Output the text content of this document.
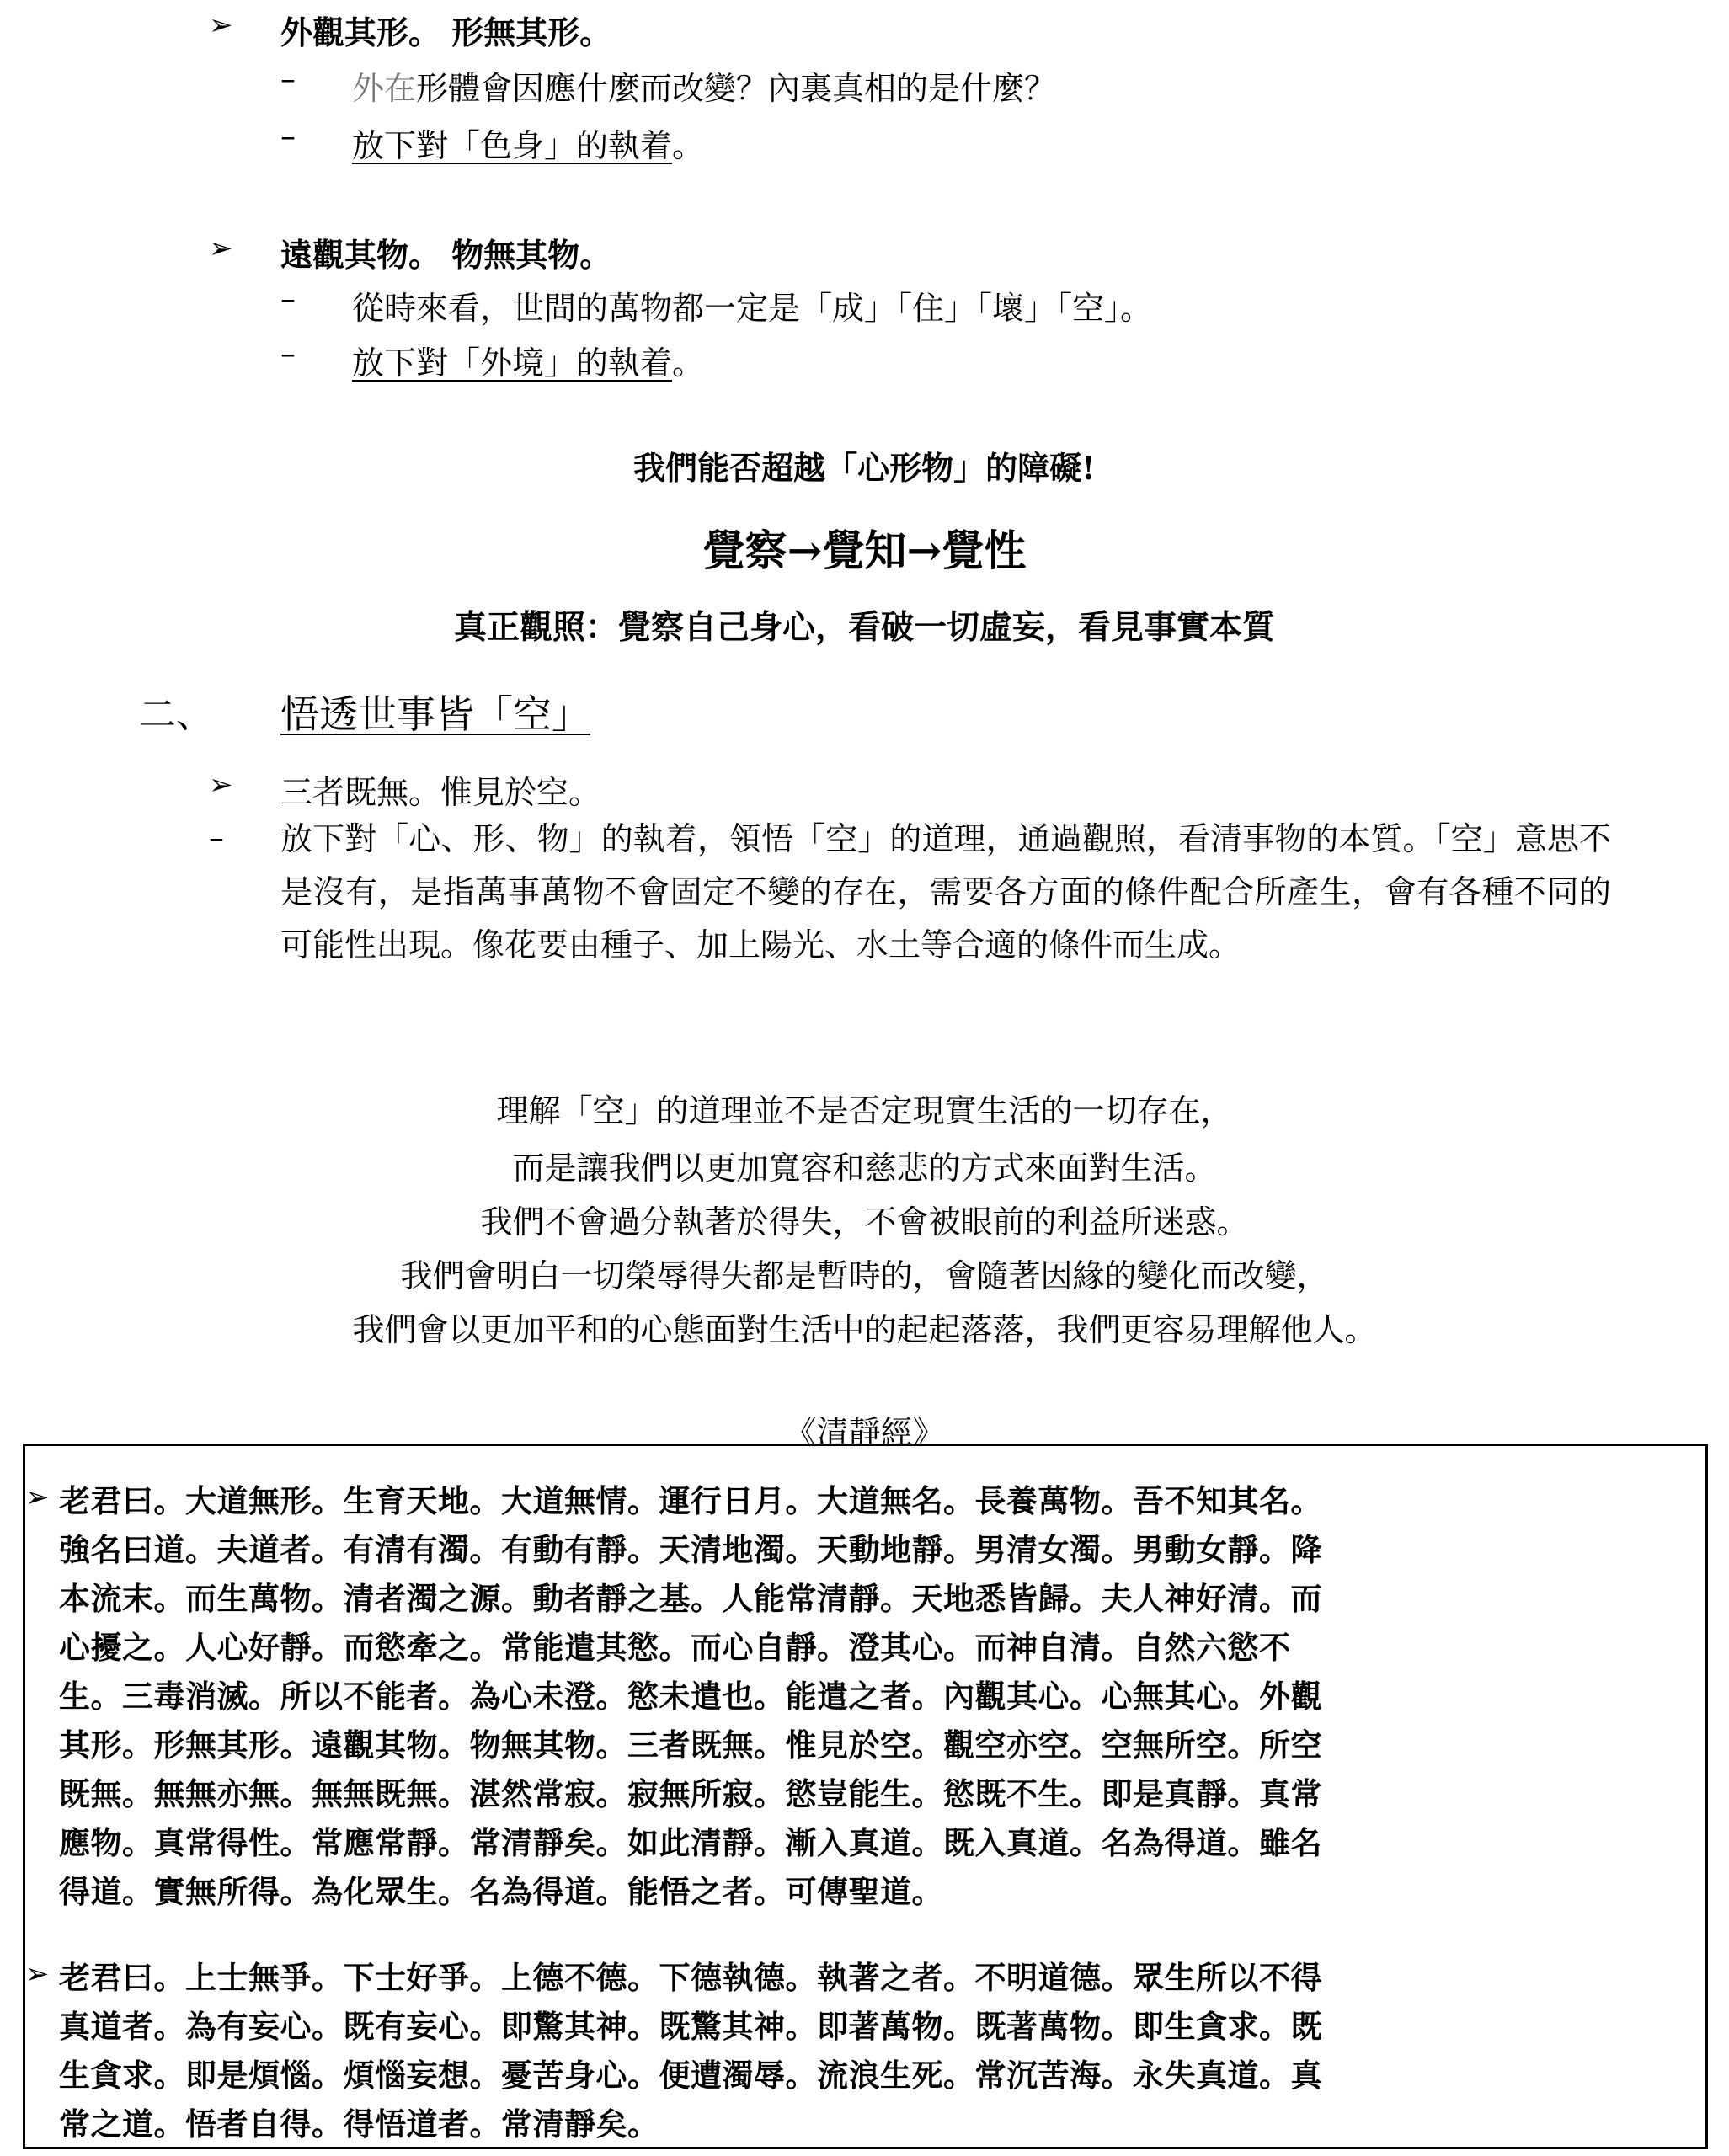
➢ 外觀其形。 形無其形。
– 外在形體會因應什麼而改變？內裏真相的是什麼？
– 放下對「色身」的執着。
➢ 遠觀其物。 物無其物。
– 從時來看，世間的萬物都一定是「成」「住」「壞」「空」。
– 放下對「外境」的執着。
我們能否超越「心形物」的障礙!
覺察→覺知→覺性
真正觀照：覺察自己身心，看破一切虛妄，看見事實本質
二、 悟透世事皆「空」
➢ 三者既無。惟見於空。
– 放下對「心、形、物」的執着，領悟「空」的道理，通過觀照，看清事物的本質。「空」意思不是沒有，是指萬事萬物不會固定不變的存在，需要各方面的條件配合所產生，會有各種不同的可能性出現。像花要由種子、加上陽光、水土等合適的條件而生成。
理解「空」的道理並不是否定現實生活的一切存在，
而是讓我們以更加寬容和慈悲的方式來面對生活。
我們不會過分執著於得失，不會被眼前的利益所迷惑。
我們會明白一切榮辱得失都是暫時的，會隨著因緣的變化而改變，
我們會以更加平和的心態面對生活中的起起落落，我們更容易理解他人。
《清靜經》
➢ 老君曰。大道無形。生育天地。大道無情。運行日月。大道無名。長養萬物。吾不知其名。
強名曰道。夫道者。有清有濁。有動有靜。天清地濁。天動地靜。男清女濁。男動女靜。降
本流末。而生萬物。清者濁之源。動者靜之基。人能常清靜。天地悉皆歸。夫人神好清。而
心擾之。人心好靜。而慾牽之。常能遣其慾。而心自靜。澄其心。而神自清。自然六慾不
生。三毒消滅。所以不能者。為心未澄。慾未遣也。能遣之者。內觀其心。心無其心。外觀
其形。形無其形。遠觀其物。物無其物。三者既無。惟見於空。觀空亦空。空無所空。所空
既無。無無亦無。無無既無。湛然常寂。寂無所寂。慾豈能生。慾既不生。即是真靜。真常
應物。真常得性。常應常靜。常清靜矣。如此清靜。漸入真道。既入真道。名為得道。雖名
得道。實無所得。為化眾生。名為得道。能悟之者。可傳聖道。
➢ 老君曰。上士無爭。下士好爭。上德不德。下德執德。執著之者。不明道德。眾生所以不得
真道者。為有妄心。既有妄心。即驚其神。既驚其神。即著萬物。既著萬物。即生貪求。既
生貪求。即是煩惱。煩惱妄想。憂苦身心。便遭濁辱。流浪生死。常沉苦海。永失真道。真
常之道。悟者自得。得悟道者。常清靜矣。
